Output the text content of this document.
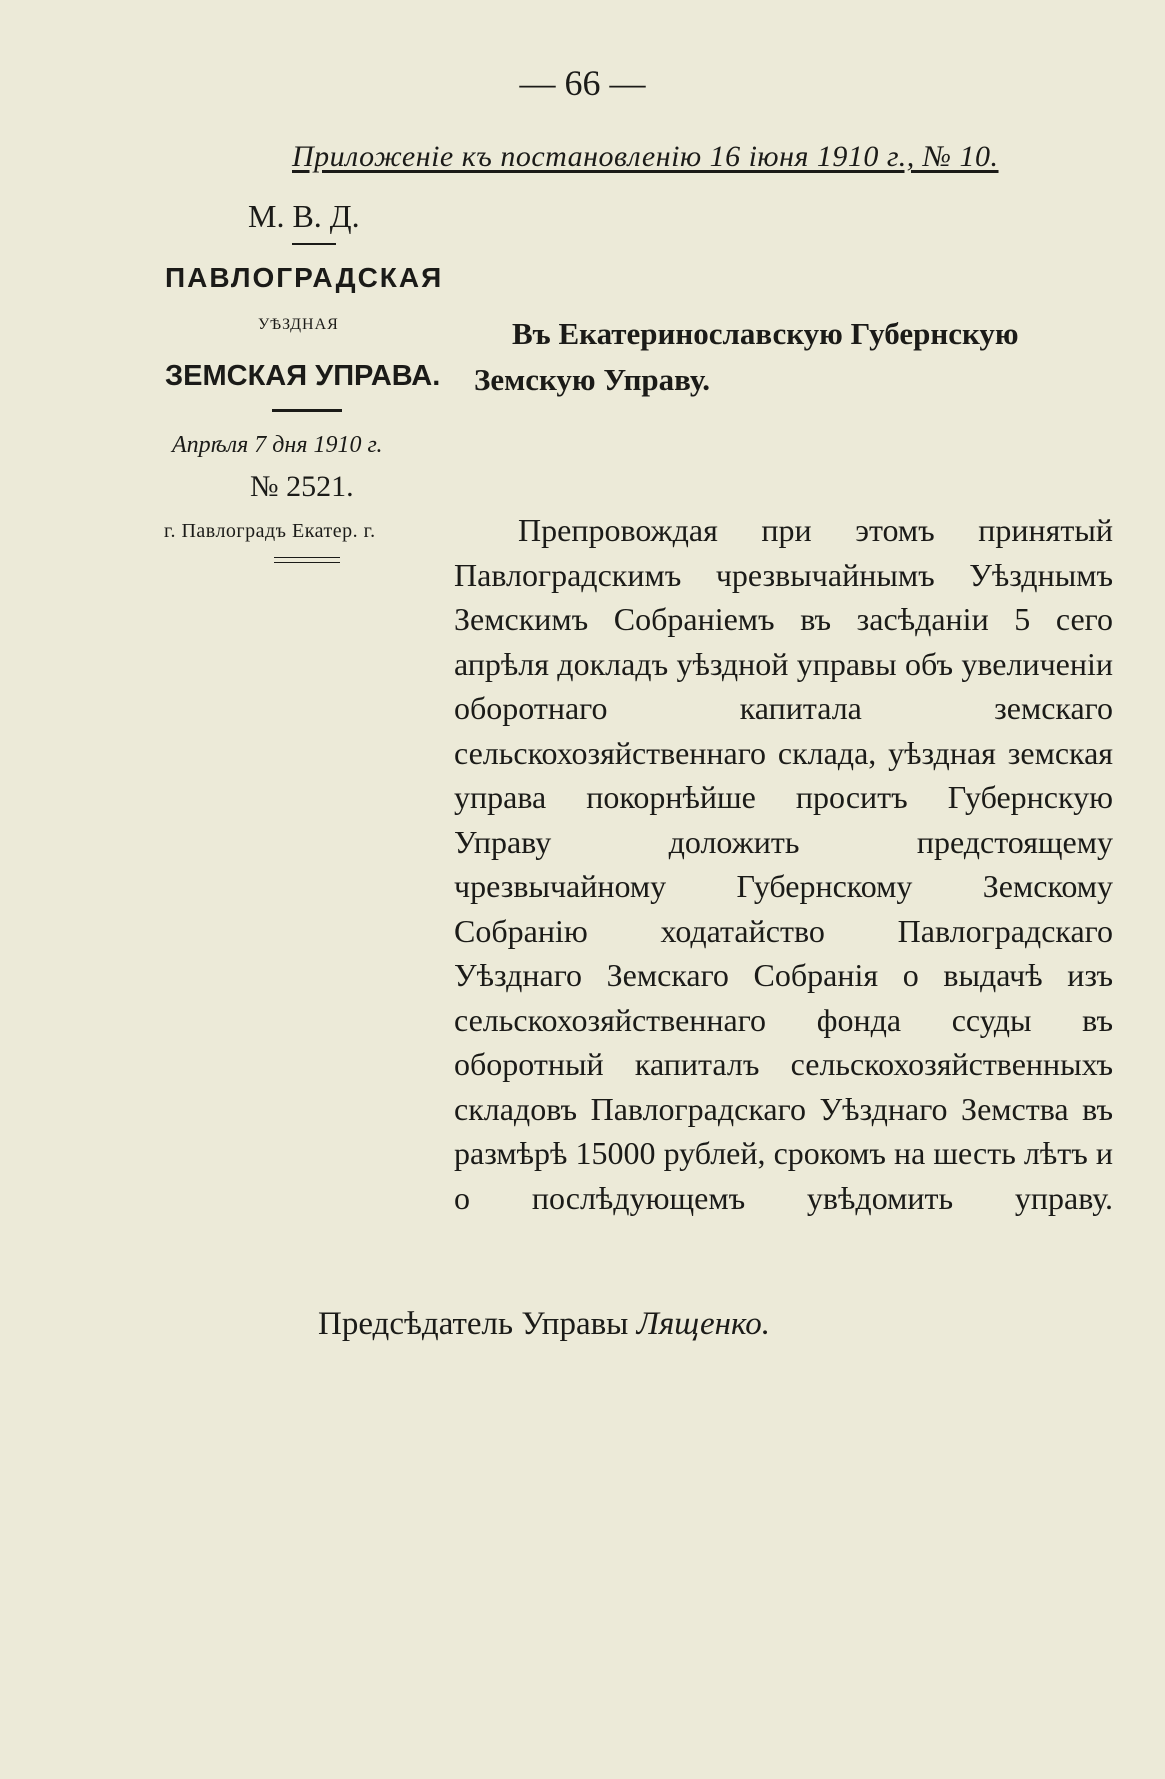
— 66 —
Приложеніе къ постановленію 16 іюня 1910 г., № 10.
М. В. Д.
ПАВЛОГРАДСКАЯ
УѢЗДНАЯ
ЗЕМСКАЯ УПРАВА.
Въ Екатеринославскую Губернскую
Земскую Управу.
Апрѣля 7 дня 1910 г.
№ 2521.
г. Павлоградъ Екатер. г.	Препровождая при этомъ принятый Павлоградскимъ чрезвычайнымъ Уѣзднымъ Земскимъ Собраніемъ въ засѣданіи 5 сего апрѣля докладъ уѣздной управы объ увеличеніи оборотнаго капитала земскаго сельскохозяйственнаго склада, уѣздная земская управа покорнѣйше проситъ Губернскую Управу доложить предстоящему чрезвычайному Губернскому Земскому Собранію ходатайство Павлоградскаго Уѣзднаго Земскаго Собранія о выдачѣ изъ сельскохозяйственнаго фонда ссуды въ оборотный капиталъ сельскохозяйственныхъ складовъ Павлоградскаго Уѣзднаго Земства въ размѣрѣ 15000 рублей, срокомъ на шесть лѣтъ и о послѣдующемъ увѣдомить управу.
Предсѣдатель Управы Лященко.
